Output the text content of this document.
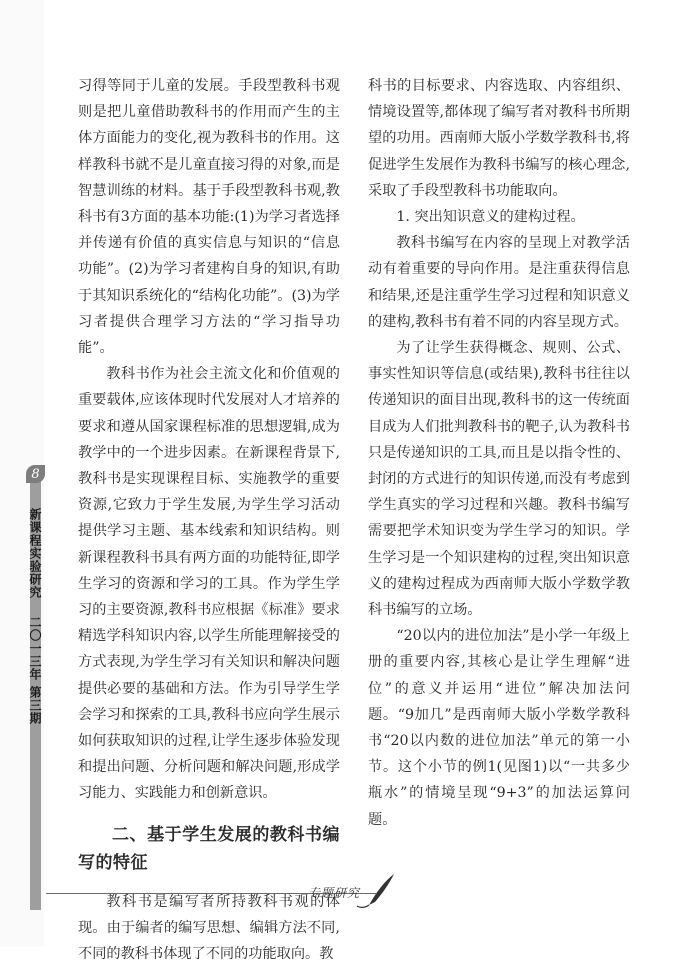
8
新课程实验研究
二〇一三年 第三期

习得等同于儿童的发展。手段型教科书观则是把儿童借助教科书的作用而产生的主体方面能力的变化,视为教科书的作用。这样教科书就不是儿童直接习得的对象,而是智慧训练的材料。基于手段型教科书观,教科书有3方面的基本功能:(1)为学习者选择并传递有价值的真实信息与知识的“信息功能”。(2)为学习者建构自身的知识,有助于其知识系统化的“结构化功能”。(3)为学习者提供合理学习方法的“学习指导功能”。

教科书作为社会主流文化和价值观的重要载体,应该体现时代发展对人才培养的要求和遵从国家课程标准的思想逻辑,成为教学中的一个进步因素。在新课程背景下,教科书是实现课程目标、实施教学的重要资源,它致力于学生发展,为学生学习活动提供学习主题、基本线索和知识结构。则新课程教科书具有两方面的功能特征,即学生学习的资源和学习的工具。作为学生学习的主要资源,教科书应根据《标准》要求精选学科知识内容,以学生所能理解接受的方式表现,为学生学习有关知识和解决问题提供必要的基础和方法。作为引导学生学会学习和探索的工具,教科书应向学生展示如何获取知识的过程,让学生逐步体验发现和提出问题、分析问题和解决问题,形成学习能力、实践能力和创新意识。

二、基于学生发展的教科书编写的特征

教科书是编写者所持教科书观的体现。由于编者的编写思想、编辑方法不同,不同的教科书体现了不同的功能取向。教

科书的目标要求、内容选取、内容组织、情境设置等,都体现了编写者对教科书所期望的功用。西南师大版小学数学教科书,将促进学生发展作为教科书编写的核心理念,采取了手段型教科书功能取向。

1. 突出知识意义的建构过程。

教科书编写在内容的呈现上对教学活动有着重要的导向作用。是注重获得信息和结果,还是注重学生学习过程和知识意义的建构,教科书有着不同的内容呈现方式。

为了让学生获得概念、规则、公式、事实性知识等信息(或结果),教科书往往以传递知识的面目出现,教科书的这一传统面目成为人们批判教科书的靶子,认为教科书只是传递知识的工具,而且是以指令性的、封闭的方式进行的知识传递,而没有考虑到学生真实的学习过程和兴趣。教科书编写需要把学术知识变为学生学习的知识。学生学习是一个知识建构的过程,突出知识意义的建构过程成为西南师大版小学数学教科书编写的立场。

“20以内的进位加法”是小学一年级上册的重要内容,其核心是让学生理解“进位”的意义并运用“进位”解决加法问题。“9加几”是西南师大版小学数学教科书“20以内数的进位加法”单元的第一小节。这个小节的例1(见图1)以“一共多少瓶水”的情境呈现“9+3”的加法运算问题。

专题研究
